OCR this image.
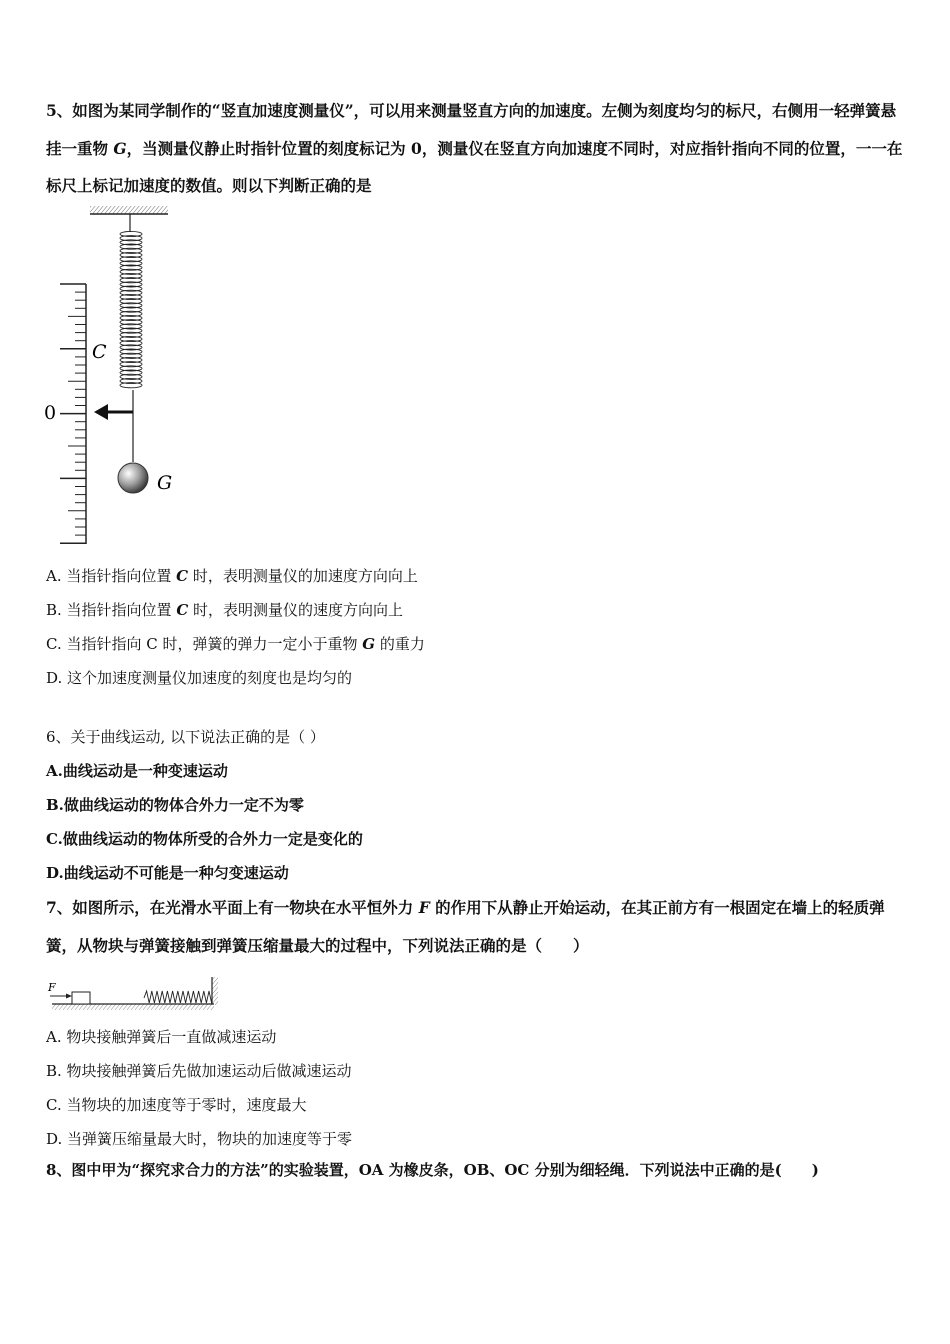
5、如图为某同学制作的“竖直加速度测量仪”，可以用来测量竖直方向的加速度。左侧为刻度均匀的标尺，右侧用一轻弹簧悬挂一重物 G，当测量仪静止时指针位置的刻度标记为 0，测量仪在竖直方向加速度不同时，对应指针指向不同的位置，一一在标尺上标记加速度的数值。则以下判断正确的是
C
0
G
A. 当指针指向位置 C 时，表明测量仪的加速度方向向上
B. 当指针指向位置 C 时，表明测量仪的速度方向向上
C. 当指针指向 C 时，弹簧的弹力一定小于重物 G 的重力
D. 这个加速度测量仪加速度的刻度也是均匀的
6、关于曲线运动, 以下说法正确的是（ ）
A.曲线运动是一种变速运动
B.做曲线运动的物体合外力一定不为零
C.做曲线运动的物体所受的合外力一定是变化的
D.曲线运动不可能是一种匀变速运动
7、如图所示，在光滑水平面上有一物块在水平恒外力 F 的作用下从静止开始运动，在其正前方有一根固定在墙上的轻质弹簧，从物块与弹簧接触到弹簧压缩量最大的过程中，下列说法正确的是（　　）
F
A. 物块接触弹簧后一直做减速运动
B. 物块接触弹簧后先做加速运动后做减速运动
C. 当物块的加速度等于零时，速度最大
D. 当弹簧压缩量最大时，物块的加速度等于零
8、图中甲为“探究求合力的方法”的实验装置，OA 为橡皮条，OB、OC 分别为细轻绳．下列说法中正确的是(　　)
